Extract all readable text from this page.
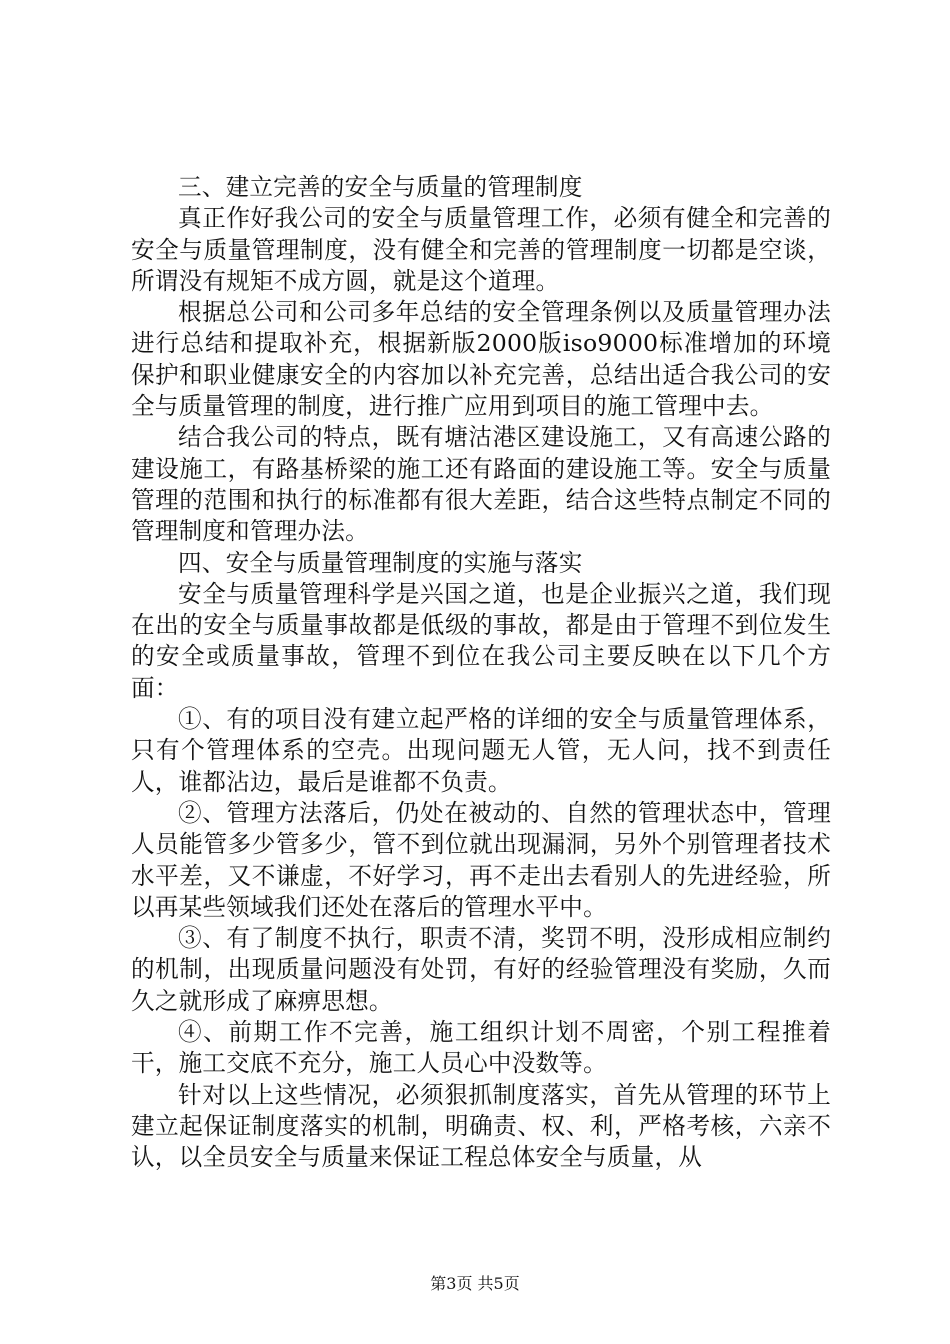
三、建立完善的安全与质量的管理制度

真正作好我公司的安全与质量管理工作，必须有健全和完善的安全与质量管理制度，没有健全和完善的管理制度一切都是空谈，所谓没有规矩不成方圆，就是这个道理。

根据总公司和公司多年总结的安全管理条例以及质量管理办法进行总结和提取补充，根据新版2000版iso9000标准增加的环境保护和职业健康安全的内容加以补充完善，总结出适合我公司的安全与质量管理的制度，进行推广应用到项目的施工管理中去。

结合我公司的特点，既有塘沽港区建设施工，又有高速公路的建设施工，有路基桥梁的施工还有路面的建设施工等。安全与质量管理的范围和执行的标准都有很大差距，结合这些特点制定不同的管理制度和管理办法。

四、安全与质量管理制度的实施与落实

安全与质量管理科学是兴国之道，也是企业振兴之道，我们现在出的安全与质量事故都是低级的事故，都是由于管理不到位发生的安全或质量事故，管理不到位在我公司主要反映在以下几个方面：

①、有的项目没有建立起严格的详细的安全与质量管理体系，只有个管理体系的空壳。出现问题无人管，无人问，找不到责任人，谁都沾边，最后是谁都不负责。

②、管理方法落后，仍处在被动的、自然的管理状态中，管理人员能管多少管多少，管不到位就出现漏洞，另外个别管理者技术水平差，又不谦虚，不好学习，再不走出去看别人的先进经验，所以再某些领域我们还处在落后的管理水平中。

③、有了制度不执行，职责不清，奖罚不明，没形成相应制约的机制，出现质量问题没有处罚，有好的经验管理没有奖励，久而久之就形成了麻痹思想。

④、前期工作不完善，施工组织计划不周密，个别工程推着干，施工交底不充分，施工人员心中没数等。

针对以上这些情况，必须狠抓制度落实，首先从管理的环节上建立起保证制度落实的机制，明确责、权、利，严格考核，六亲不认，以全员安全与质量来保证工程总体安全与质量，从

第3页 共5页
